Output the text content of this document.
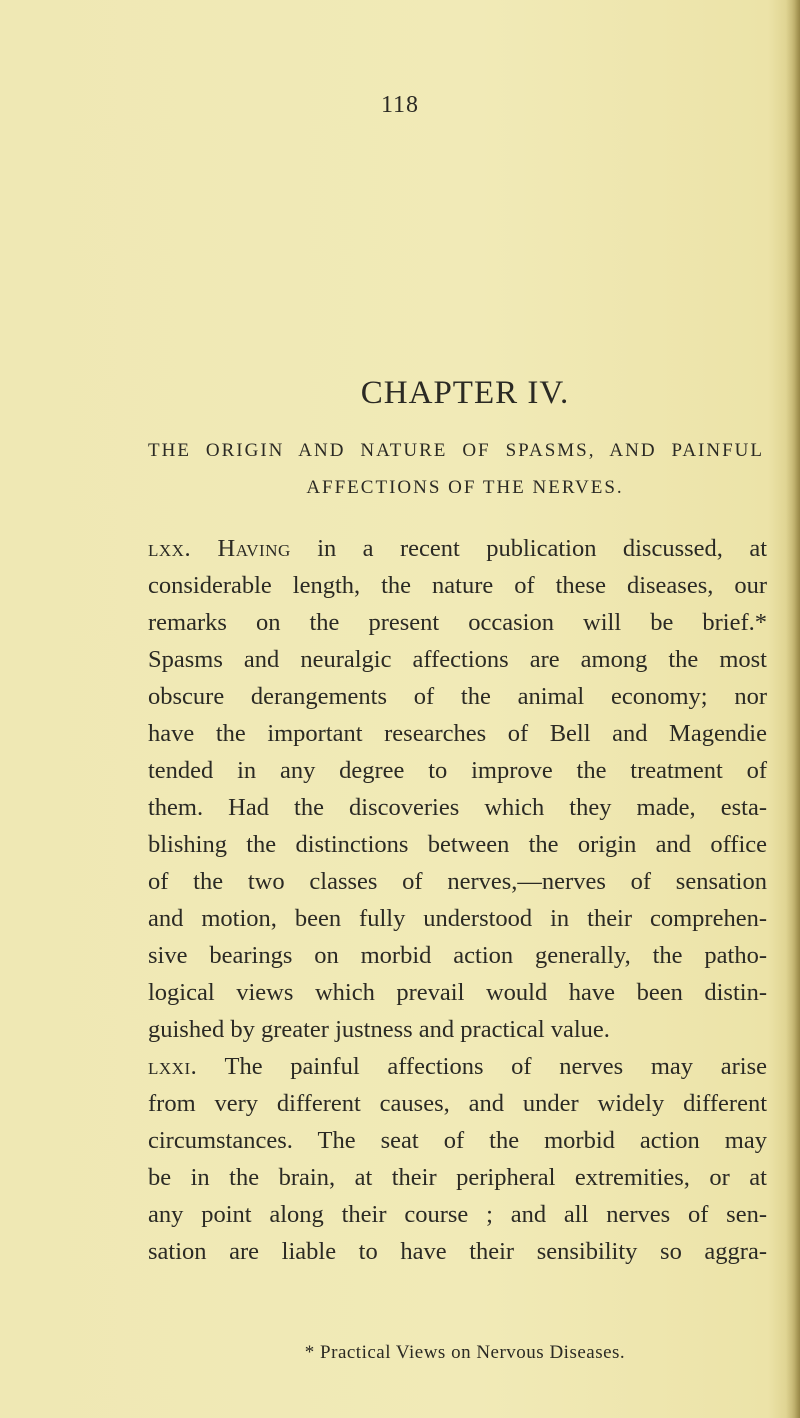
118
CHAPTER IV.
THE ORIGIN AND NATURE OF SPASMS, AND PAINFUL
AFFECTIONS OF THE NERVES.
lxx. Having in a recent publication discussed, at
considerable length, the nature of these diseases, our
remarks on the present occasion will be brief.*
Spasms and neuralgic affections are among the most
obscure derangements of the animal economy; nor
have the important researches of Bell and Magendie
tended in any degree to improve the treatment of
them. Had the discoveries which they made, esta-
blishing the distinctions between the origin and office
of the two classes of nerves,—nerves of sensation
and motion, been fully understood in their comprehen-
sive bearings on morbid action generally, the patho-
logical views which prevail would have been distin-
guished by greater justness and practical value.
lxxi. The painful affections of nerves may arise
from very different causes, and under widely different
circumstances. The seat of the morbid action may
be in the brain, at their peripheral extremities, or at
any point along their course ; and all nerves of sen-
sation are liable to have their sensibility so aggra-
* Practical Views on Nervous Diseases.
